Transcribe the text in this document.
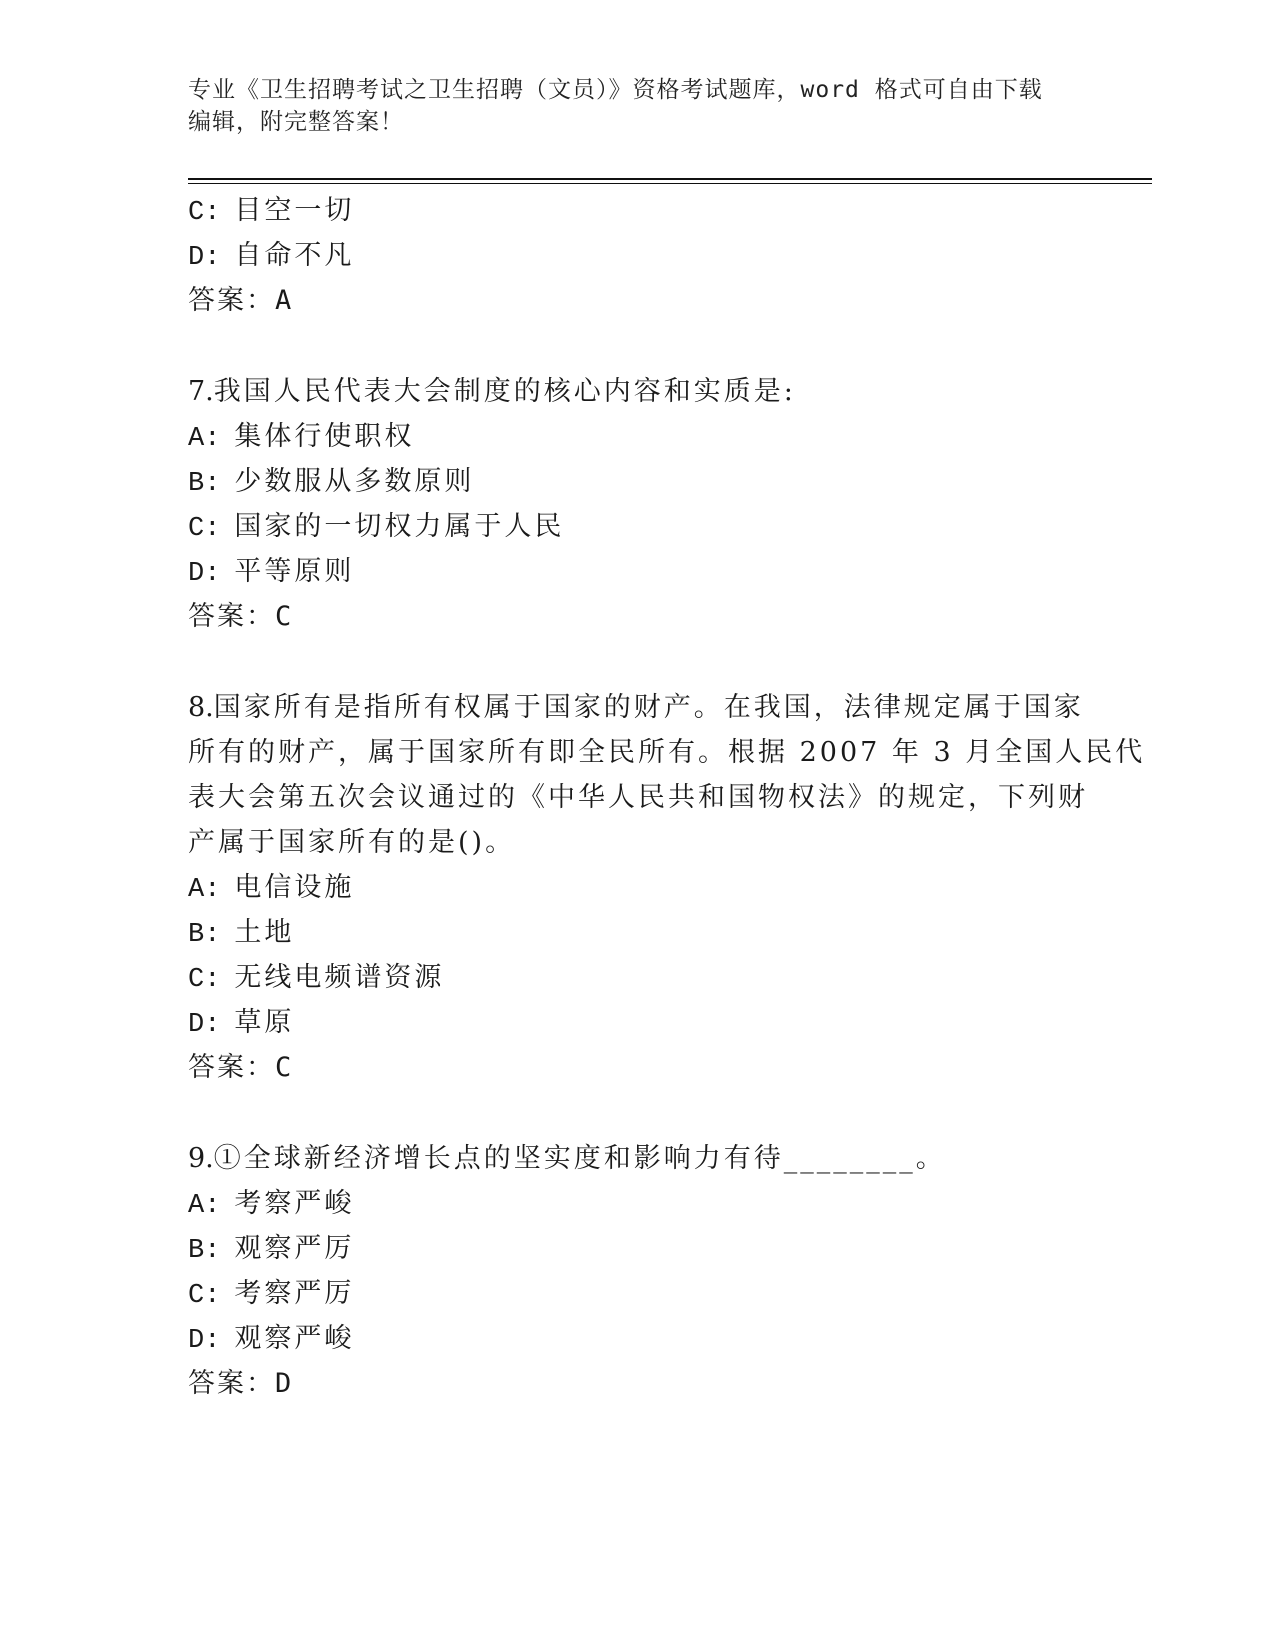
专业《卫生招聘考试之卫生招聘（文员）》资格考试题库，word 格式可自由下载
编辑，附完整答案！
C: 目空一切
D: 自命不凡
答案：A
7.我国人民代表大会制度的核心内容和实质是:
A: 集体行使职权
B: 少数服从多数原则
C: 国家的一切权力属于人民
D: 平等原则
答案：C
8.国家所有是指所有权属于国家的财产。在我国，法律规定属于国家
所有的财产，属于国家所有即全民所有。根据 2007 年 3 月全国人民代
表大会第五次会议通过的《中华人民共和国物权法》的规定，下列财
产属于国家所有的是()。
A: 电信设施
B: 土地
C: 无线电频谱资源
D: 草原
答案：C
9.①全球新经济增长点的坚实度和影响力有待________。
A: 考察严峻
B: 观察严厉
C: 考察严厉
D: 观察严峻
答案：D
